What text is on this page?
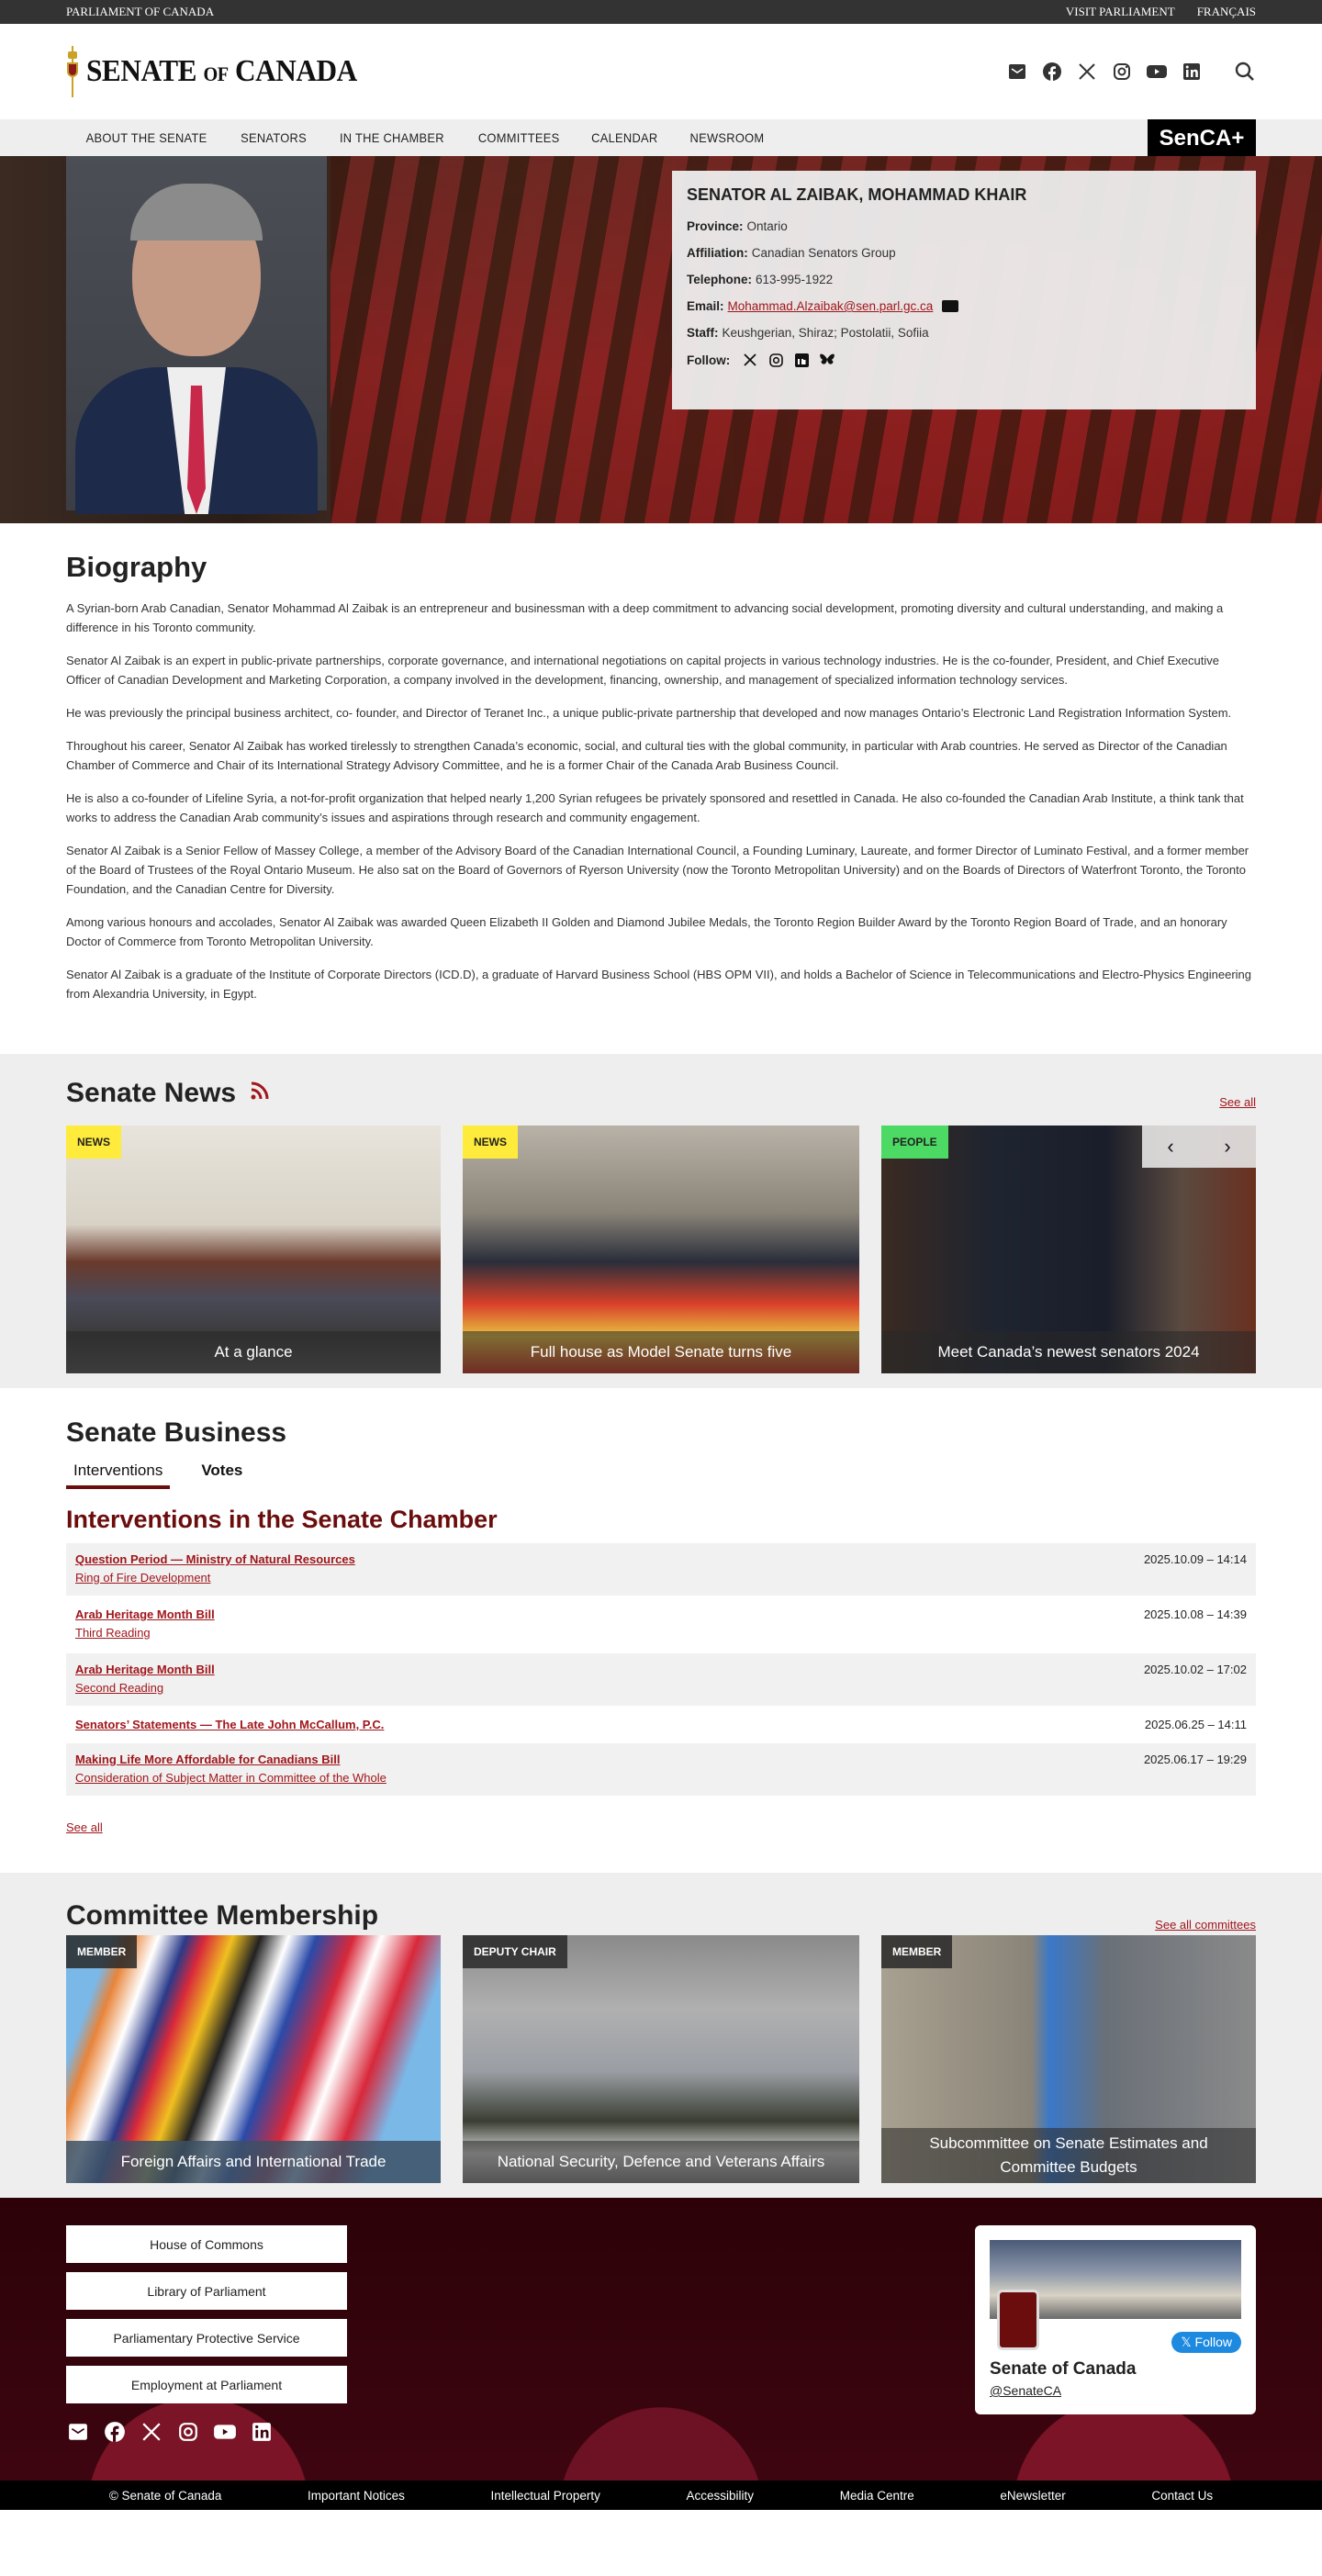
PARLIAMENT OF CANADA	VISIT PARLIAMENT FRANÇAIS
SENATE OF CANADA
ABOUT THE SENATE	SENATORS	IN THE CHAMBER	COMMITTEES	CALENDAR	NEWSROOM	SenCA+
SENATOR AL ZAIBAK, MOHAMMAD KHAIR
Province: Ontario
Affiliation: Canadian Senators Group
Telephone: 613-995-1922
Email: Mohammad.Alzaibak@sen.parl.gc.ca
Staff: Keushgerian, Shiraz; Postolatii, Sofiia
Follow:
Biography

A Syrian-born Arab Canadian, Senator Mohammad Al Zaibak is an entrepreneur and businessman with a deep commitment to advancing social development, promoting diversity and cultural understanding, and making a difference in his Toronto community.

Senator Al Zaibak is an expert in public-private partnerships, corporate governance, and international negotiations on capital projects in various technology industries. He is the co-founder, President, and Chief Executive Officer of Canadian Development and Marketing Corporation, a company involved in the development, financing, ownership, and management of specialized information technology services.

He was previously the principal business architect, co- founder, and Director of Teranet Inc., a unique public-private partnership that developed and now manages Ontario’s Electronic Land Registration Information System.

Throughout his career, Senator Al Zaibak has worked tirelessly to strengthen Canada’s economic, social, and cultural ties with the global community, in particular with Arab countries. He served as Director of the Canadian Chamber of Commerce and Chair of its International Strategy Advisory Committee, and he is a former Chair of the Canada Arab Business Council.

He is also a co-founder of Lifeline Syria, a not-for-profit organization that helped nearly 1,200 Syrian refugees be privately sponsored and resettled in Canada. He also co-founded the Canadian Arab Institute, a think tank that works to address the Canadian Arab community’s issues and aspirations through research and community engagement.

Senator Al Zaibak is a Senior Fellow of Massey College, a member of the Advisory Board of the Canadian International Council, a Founding Luminary, Laureate, and former Director of Luminato Festival, and a former member of the Board of Trustees of the Royal Ontario Museum. He also sat on the Board of Governors of Ryerson University (now the Toronto Metropolitan University) and on the Boards of Directors of Waterfront Toronto, the Toronto Foundation, and the Canadian Centre for Diversity.

Among various honours and accolades, Senator Al Zaibak was awarded Queen Elizabeth II Golden and Diamond Jubilee Medals, the Toronto Region Builder Award by the Toronto Region Board of Trade, and an honorary Doctor of Commerce from Toronto Metropolitan University.

Senator Al Zaibak is a graduate of the Institute of Corporate Directors (ICD.D), a graduate of Harvard Business School (HBS OPM VII), and holds a Bachelor of Science in Telecommunications and Electro-Physics Engineering from Alexandria University, in Egypt.

Senate News	See all
NEWS
At a glance
NEWS
Full house as Model Senate turns five
PEOPLE	‹ ›
Meet Canada’s newest senators 2024
Senate Business
Interventions	Votes
Interventions in the Senate Chamber
Question Period — Ministry of Natural Resources
Ring of Fire Development
2025.10.09 – 14:14
Arab Heritage Month Bill
Third Reading
2025.10.08 – 14:39
Arab Heritage Month Bill
Second Reading
2025.10.02 – 17:02
Senators’ Statements — The Late John McCallum, P.C.	2025.06.25 – 14:11
Making Life More Affordable for Canadians Bill
Consideration of Subject Matter in Committee of the Whole
2025.06.17 – 19:29
See all
Committee Membership	See all committees
MEMBER
Foreign Affairs and International Trade
DEPUTY CHAIR
National Security, Defence and Veterans Affairs
MEMBER
Subcommittee on Senate Estimates and Committee Budgets
House of Commons
Library of Parliament
Parliamentary Protective Service
Employment at Parliament
𝕏 Follow
Senate of Canada
@SenateCA
© Senate of Canada	Important Notices	Intellectual Property	Accessibility	Media Centre	eNewsletter	Contact Us
